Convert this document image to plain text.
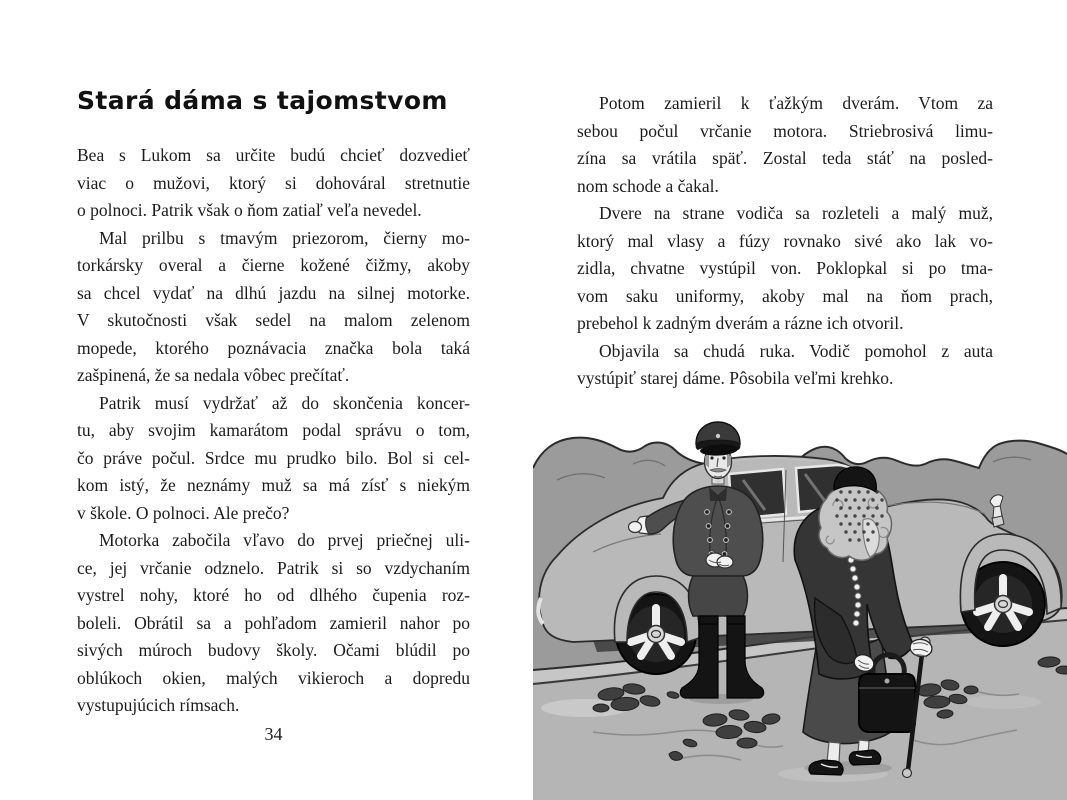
Stará dáma s tajomstvom
Bea s Lukom sa určite budú chcieť dozvedieť
viac o mužovi, ktorý si dohováral stretnutie
o polnoci. Patrik však o ňom zatiaľ veľa nevedel.
Mal prilbu s tmavým priezorom, čierny mo-
torkársky overal a čierne kožené čižmy, akoby
sa chcel vydať na dlhú jazdu na silnej motorke.
V skutočnosti však sedel na malom zelenom
mopede, ktorého poznávacia značka bola taká
zašpinená, že sa nedala vôbec prečítať.
Patrik musí vydržať až do skončenia koncer-
tu, aby svojim kamarátom podal správu o tom,
čo práve počul. Srdce mu prudko bilo. Bol si cel-
kom istý, že neznámy muž sa má zísť s niekým
v škole. O polnoci. Ale prečo?
Motorka zabočila vľavo do prvej priečnej uli-
ce, jej vrčanie odznelo. Patrik si so vzdychaním
vystrel nohy, ktoré ho od dlhého čupenia roz-
boleli. Obrátil sa a pohľadom zamieril nahor po
sivých múroch budovy školy. Očami blúdil po
oblúkoch okien, malých vikieroch a dopredu
vystupujúcich rímsach.
Potom zamieril k ťažkým dverám. Vtom za
sebou počul vrčanie motora. Striebrosivá limu-
zína sa vrátila späť. Zostal teda stáť na posled-
nom schode a čakal.
Dvere na strane vodiča sa rozleteli a malý muž,
ktorý mal vlasy a fúzy rovnako sivé ako lak vo-
zidla, chvatne vystúpil von. Poklopkal si po tma-
vom saku uniformy, akoby mal na ňom prach,
prebehol k zadným dverám a rázne ich otvoril.
Objavila sa chudá ruka. Vodič pomohol z auta
vystúpiť starej dáme. Pôsobila veľmi krehko.
34
